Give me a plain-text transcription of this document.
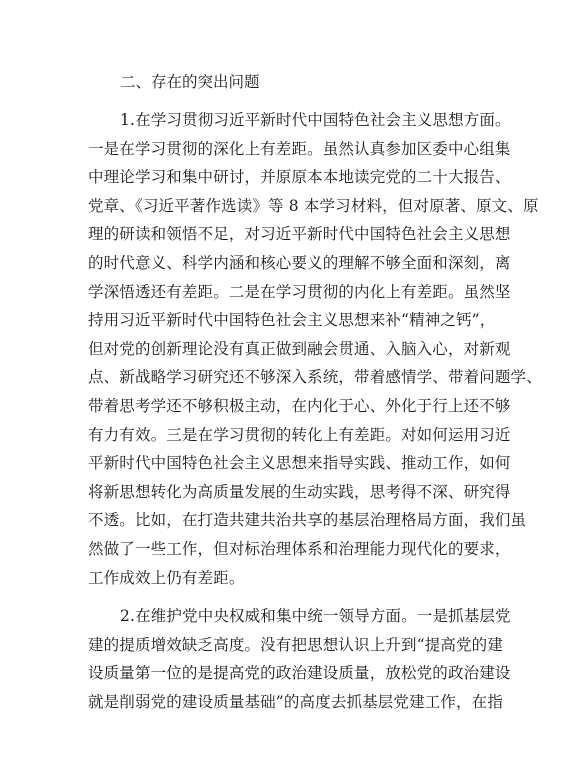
二、存在的突出问题
1.在学习贯彻习近平新时代中国特色社会主义思想方面。
一是在学习贯彻的深化上有差距。虽然认真参加区委中心组集
中理论学习和集中研讨，并原原本本地读完党的二十大报告、
党章、《习近平著作选读》等 8 本学习材料，但对原著、原文、原
理的研读和领悟不足，对习近平新时代中国特色社会主义思想
的时代意义、科学内涵和核心要义的理解不够全面和深刻，离
学深悟透还有差距。二是在学习贯彻的内化上有差距。虽然坚
持用习近平新时代中国特色社会主义思想来补“精神之钙”，
但对党的创新理论没有真正做到融会贯通、入脑入心，对新观
点、新战略学习研究还不够深入系统，带着感情学、带着问题学、
带着思考学还不够积极主动，在内化于心、外化于行上还不够
有力有效。三是在学习贯彻的转化上有差距。对如何运用习近
平新时代中国特色社会主义思想来指导实践、推动工作，如何
将新思想转化为高质量发展的生动实践，思考得不深、研究得
不透。比如，在打造共建共治共享的基层治理格局方面，我们虽
然做了一些工作，但对标治理体系和治理能力现代化的要求，
工作成效上仍有差距。
2.在维护党中央权威和集中统一领导方面。一是抓基层党
建的提质增效缺乏高度。没有把思想认识上升到“提高党的建
设质量第一位的是提高党的政治建设质量，放松党的政治建设
就是削弱党的建设质量基础”的高度去抓基层党建工作，在指
